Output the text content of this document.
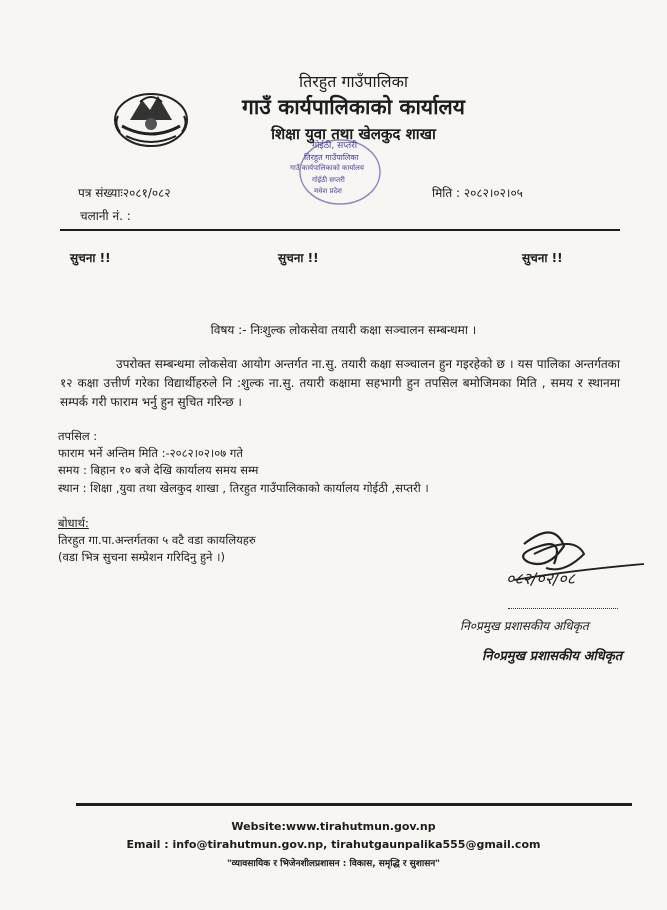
तिरहुत गाउँपालिका
गाउँ कार्यपालिकाको कार्यालय
शिक्षा युवा तथा खेलकुद शाखा
गोईठी, सप्तरी
तिरहुत गाउँपालिका
गाउँ कार्यपालिकाको कार्यालय
गोईठी सप्तरी
मधेश प्रदेश
पत्र संख्याः२०८१/०८२
चलानी नं. :
मिति : २०८२।०२।०५
सुचना !!	सुचना !!	सुचना !!
विषय :- निःशुल्क लोकसेवा तयारी कक्षा सञ्चालन सम्बन्धमा ।
उपरोक्त सम्बन्धमा लोकसेवा आयोग अन्तर्गत ना.सु. तयारी कक्षा सञ्चालन हुन गइरहेको छ । यस पालिका अन्तर्गतका १२ कक्षा उत्तीर्ण गरेका विद्यार्थीहरुले नि :शुल्क ना.सु. तयारी कक्षामा सहभागी हुन तपसिल बमोजिमका मिति , समय र स्थानमा सम्पर्क गरी फाराम भर्नु हुन सुचित गरिन्छ ।
तपसिल :
फाराम भर्ने अन्तिम मिति :-२०८२।०२।०७ गते
समय : बिहान १० बजे देखि कार्यालय समय सम्म
स्थान : शिक्षा ,युवा तथा खेलकुद शाखा , तिरहुत गाउँपालिकाको कार्यालय गोईठी ,सप्तरी ।
बोधार्थ:
तिरहुत गा.पा.अन्तर्गतका ५ वटै वडा कायलियहरु
(वडा भित्र सुचना सम्प्रेशन गरिदिनु हुने ।)
०८२/०२/०८
नि०प्रमुख प्रशासकीय अधिकृत
नि०प्रमुख प्रशासकीय अधिकृत
Website:www.tirahutmun.gov.np
Email : info@tirahutmun.gov.np, tirahutgaunpalika555@gmail.com
"व्यावसायिक र भिजेनशीलप्रशासन : विकास, समृद्धि र सुशासन"
